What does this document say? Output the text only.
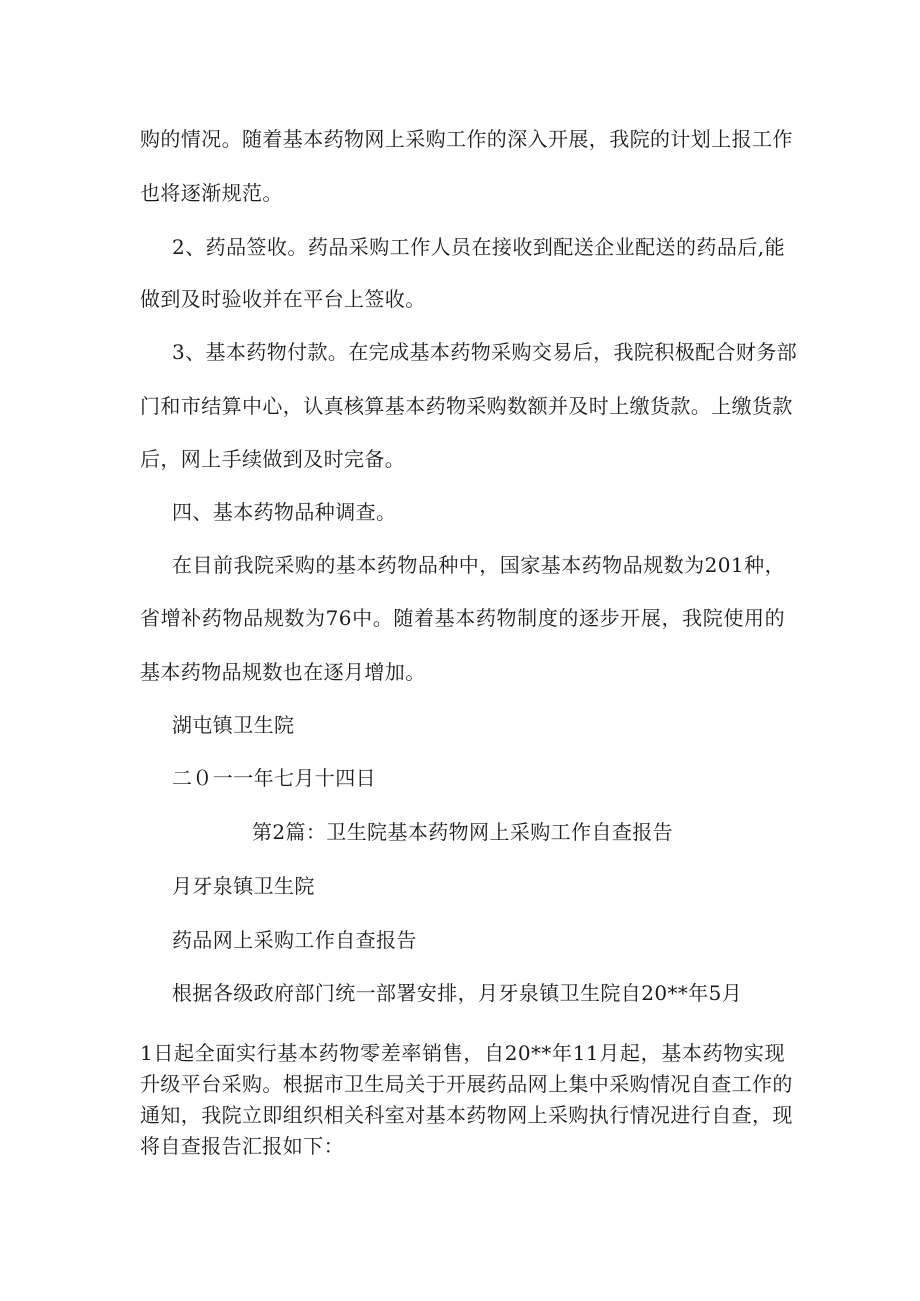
购的情况。随着基本药物网上采购工作的深入开展，我院的计划上报工作
也将逐渐规范。
2、药品签收。药品采购工作人员在接收到配送企业配送的药品后,能
做到及时验收并在平台上签收。
3、基本药物付款。在完成基本药物采购交易后，我院积极配合财务部
门和市结算中心，认真核算基本药物采购数额并及时上缴货款。上缴货款
后，网上手续做到及时完备。
四、基本药物品种调查。
在目前我院采购的基本药物品种中，国家基本药物品规数为201种，
省增补药物品规数为76中。随着基本药物制度的逐步开展，我院使用的
基本药物品规数也在逐月增加。
湖屯镇卫生院
二０一一年七月十四日
第2篇：卫生院基本药物网上采购工作自查报告
月牙泉镇卫生院
药品网上采购工作自查报告
根据各级政府部门统一部署安排，月牙泉镇卫生院自20**年5月
1日起全面实行基本药物零差率销售，自20**年11月起，基本药物实现
升级平台采购。根据市卫生局关于开展药品网上集中采购情况自查工作的
通知，我院立即组织相关科室对基本药物网上采购执行情况进行自查，现
将自查报告汇报如下：
